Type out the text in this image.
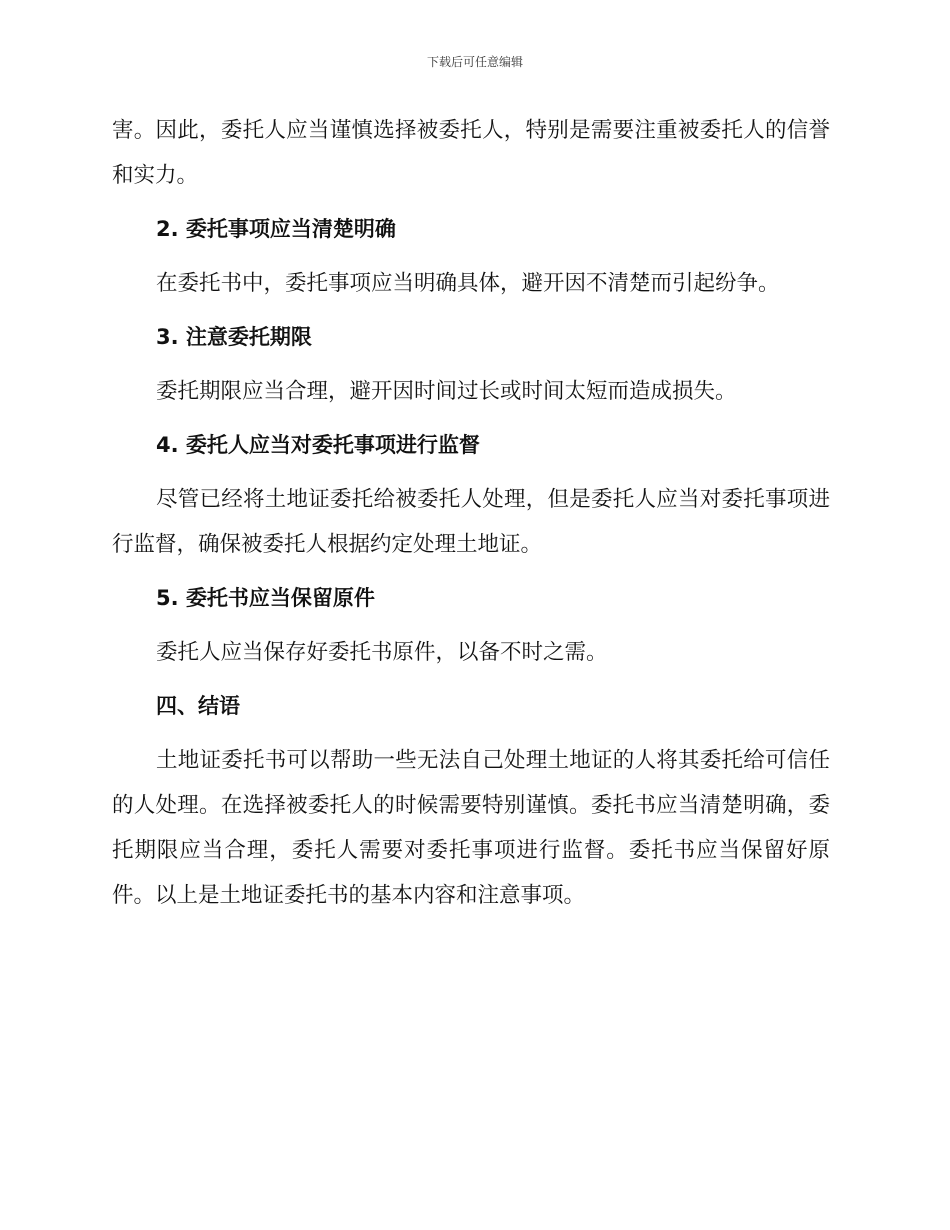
下载后可任意编辑

害。因此，委托人应当谨慎选择被委托人，特别是需要注重被委托人的信誉和实力。

2. 委托事项应当清楚明确

在委托书中，委托事项应当明确具体，避开因不清楚而引起纷争。

3. 注意委托期限

委托期限应当合理，避开因时间过长或时间太短而造成损失。

4. 委托人应当对委托事项进行监督

尽管已经将土地证委托给被委托人处理，但是委托人应当对委托事项进行监督，确保被委托人根据约定处理土地证。

5. 委托书应当保留原件

委托人应当保存好委托书原件，以备不时之需。

四、结语

土地证委托书可以帮助一些无法自己处理土地证的人将其委托给可信任的人处理。在选择被委托人的时候需要特别谨慎。委托书应当清楚明确，委托期限应当合理，委托人需要对委托事项进行监督。委托书应当保留好原件。以上是土地证委托书的基本内容和注意事项。
